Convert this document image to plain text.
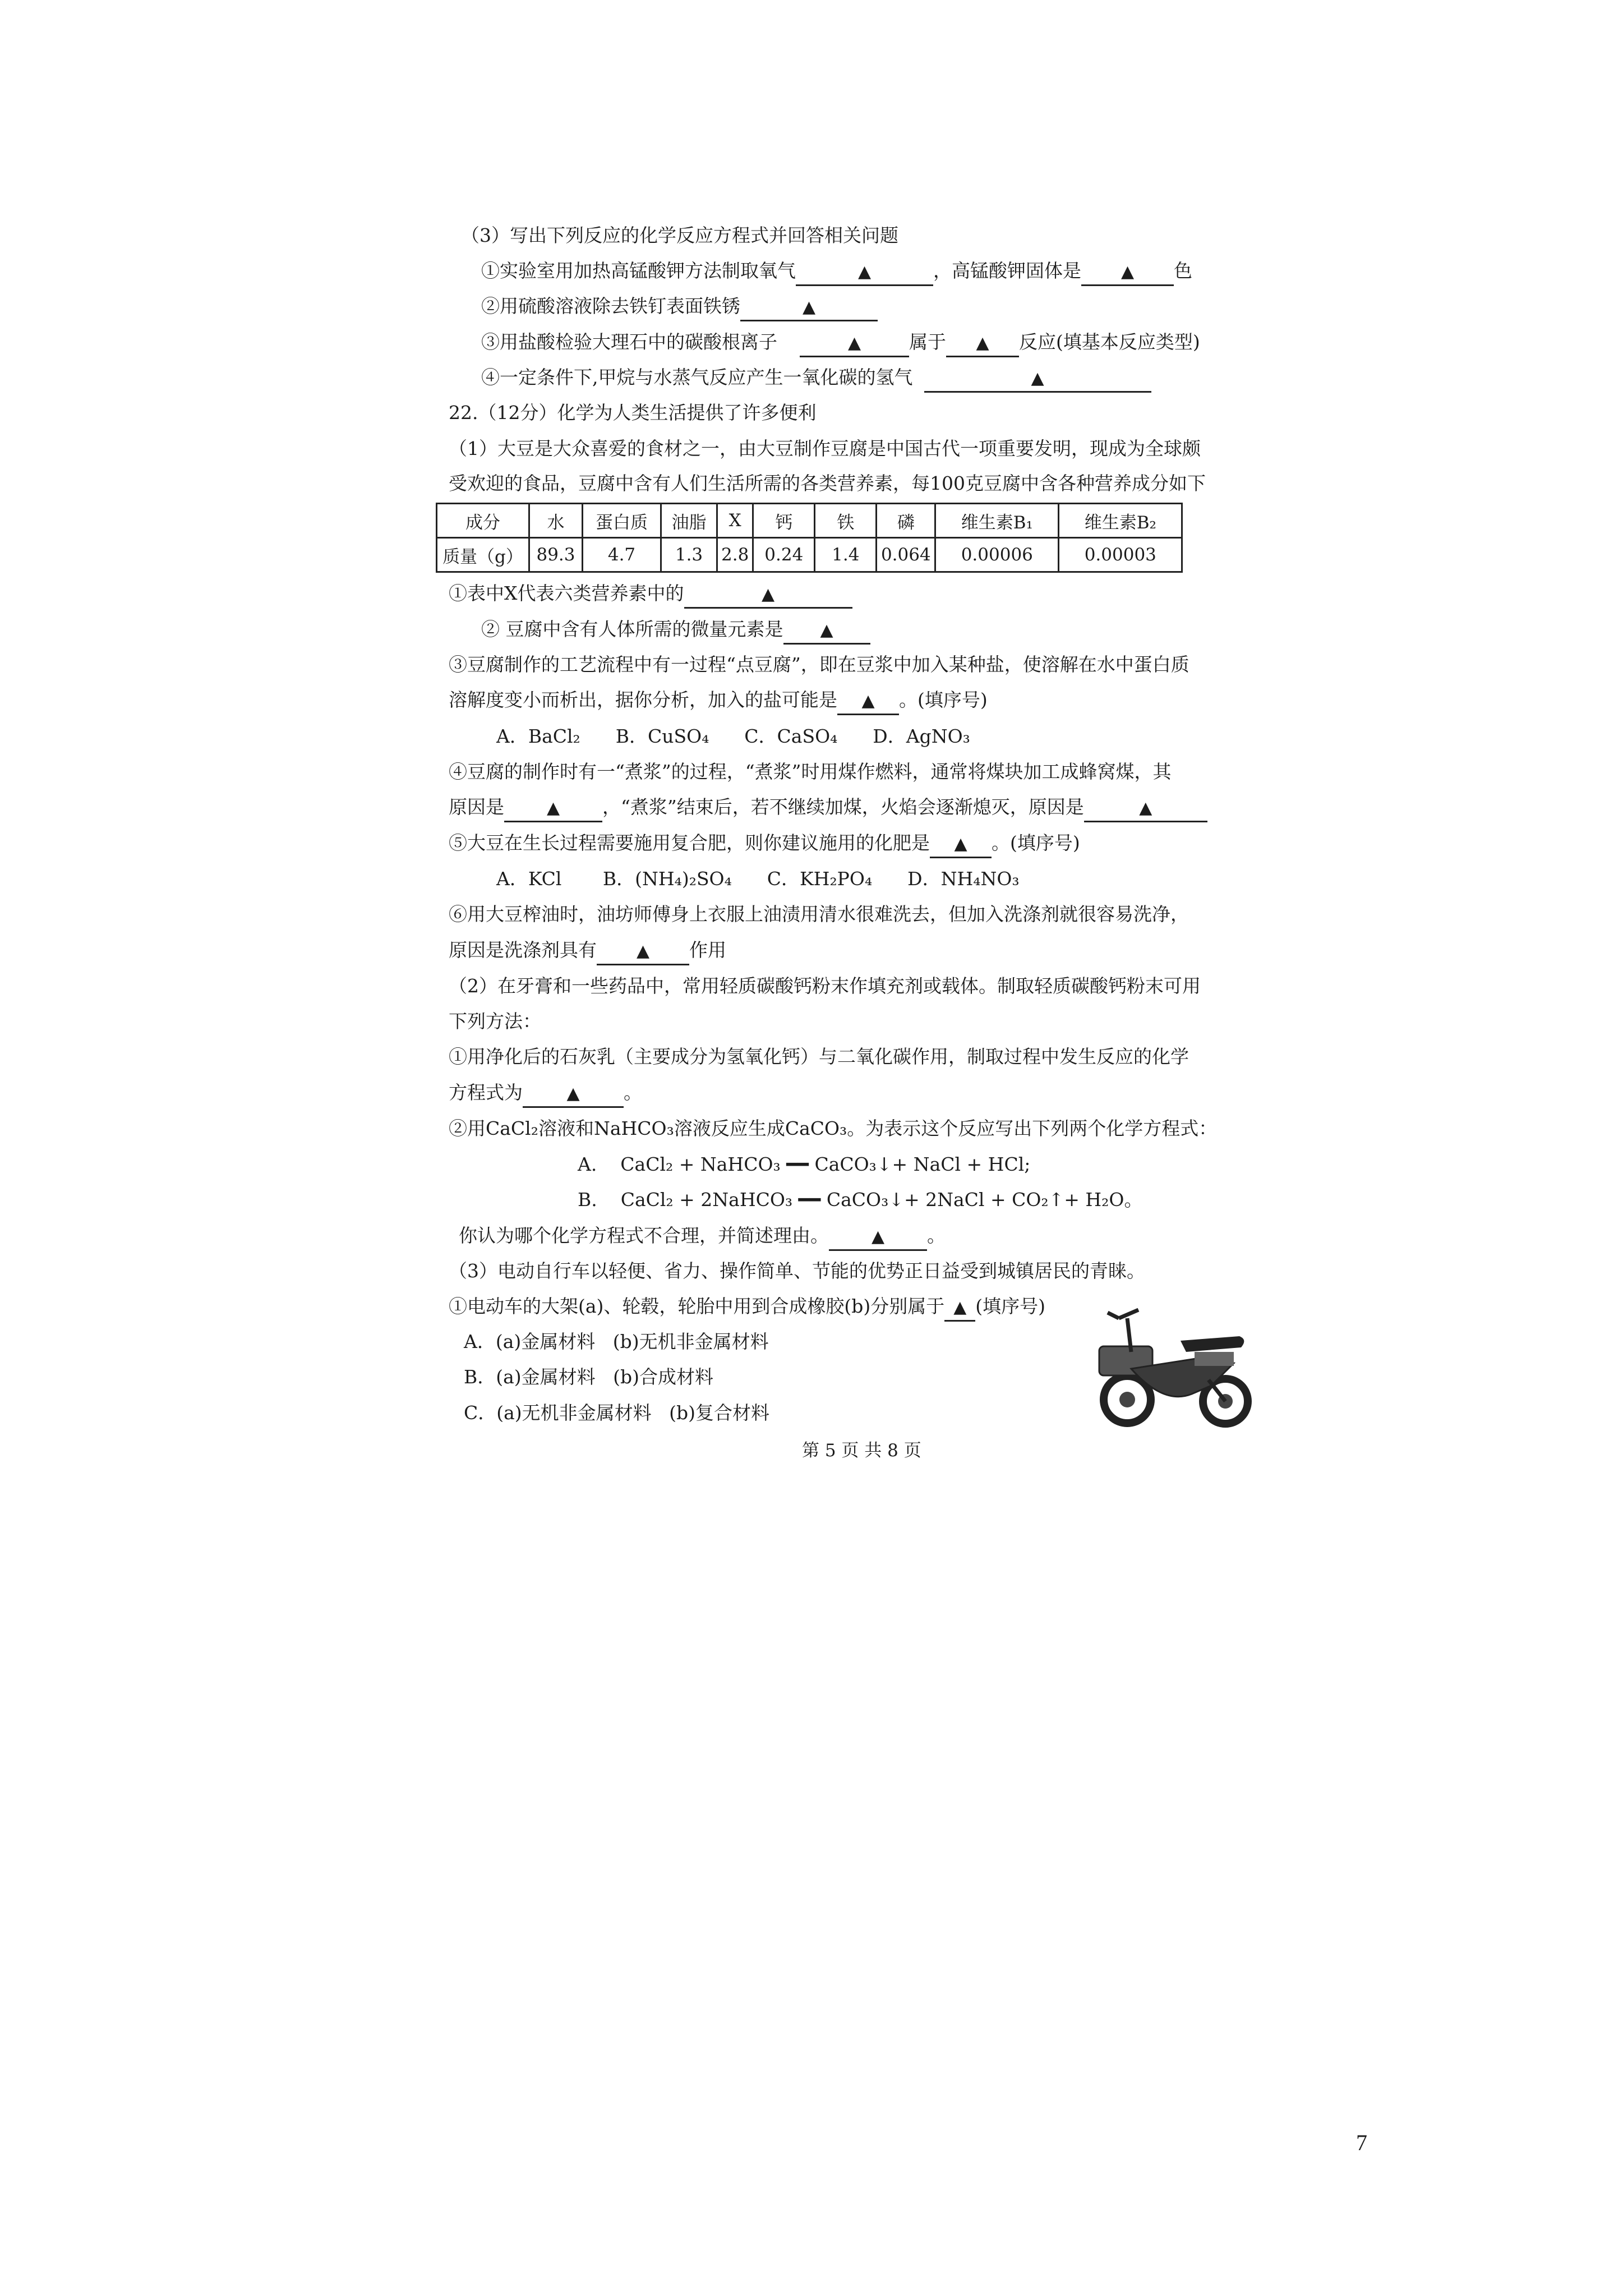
（3）写出下列反应的化学反应方程式并回答相关问题
①实验室用加热高锰酸钾方法制取氧气	▲	，高锰酸钾固体是 ▲ 色
②用硫酸溶液除去铁钉表面铁锈	▲
③用盐酸检验大理石中的碳酸根离子	▲	属于 ▲ 反应(填基本反应类型)
④一定条件下,甲烷与水蒸气反应产生一氧化碳的氢气	▲
22.（12分）化学为人类生活提供了许多便利
（1）大豆是大众喜爱的食材之一，由大豆制作豆腐是中国古代一项重要发明，现成为全球颇
受欢迎的食品，豆腐中含有人们生活所需的各类营养素，每100克豆腐中含各种营养成分如下
成分	水	蛋白质	油脂	X	钙	铁	磷	维生素B₁	维生素B₂
质量（g）	89.3	4.7	1.3	2.8	0.24	1.4	0.064	0.00006	0.00003
①表中X代表六类营养素中的	▲
② 豆腐中含有人体所需的微量元素是 ▲
③豆腐制作的工艺流程中有一过程“点豆腐”，即在豆浆中加入某种盐，使溶解在水中蛋白质
溶解度变小而析出，据你分析，加入的盐可能是 ▲ 。(填序号)
A．BaCl₂      B．CuSO₄      C．CaSO₄      D．AgNO₃
④豆腐的制作时有一“煮浆”的过程，“煮浆”时用煤作燃料，通常将煤块加工成蜂窝煤，其
原因是	▲ ，“煮浆”结束后，若不继续加煤，火焰会逐渐熄灭，原因是	▲
⑤大豆在生长过程需要施用复合肥，则你建议施用的化肥是 ▲ 。(填序号)
A．KCl       B．(NH₄)₂SO₄      C．KH₂PO₄      D．NH₄NO₃
⑥用大豆榨油时，油坊师傅身上衣服上油渍用清水很难洗去，但加入洗涤剂就很容易洗净，
原因是洗涤剂具有 ▲ 作用
（2）在牙膏和一些药品中，常用轻质碳酸钙粉末作填充剂或载体。制取轻质碳酸钙粉末可用
下列方法：
①用净化后的石灰乳（主要成分为氢氧化钙）与二氧化碳作用，制取过程中发生反应的化学
方程式为	▲ 。
②用CaCl₂溶液和NaHCO₃溶液反应生成CaCO₃。为表示这个反应写出下列两个化学方程式：
A.    CaCl₂ + NaHCO₃ ━━ CaCO₃↓+ NaCl + HCl;
B.    CaCl₂ + 2NaHCO₃ ━━ CaCO₃↓+ 2NaCl + CO₂↑+ H₂O。
你认为哪个化学方程式不合理，并简述理由。	▲ 。
（3）电动自行车以轻便、省力、操作简单、节能的优势正日益受到城镇居民的青睐。
①电动车的大架(a)、轮毂，轮胎中用到合成橡胶(b)分别属于 ▲ (填序号)
A．(a)金属材料   (b)无机非金属材料
B．(a)金属材料   (b)合成材料
C．(a)无机非金属材料   (b)复合材料
第 5 页 共 8 页
7
